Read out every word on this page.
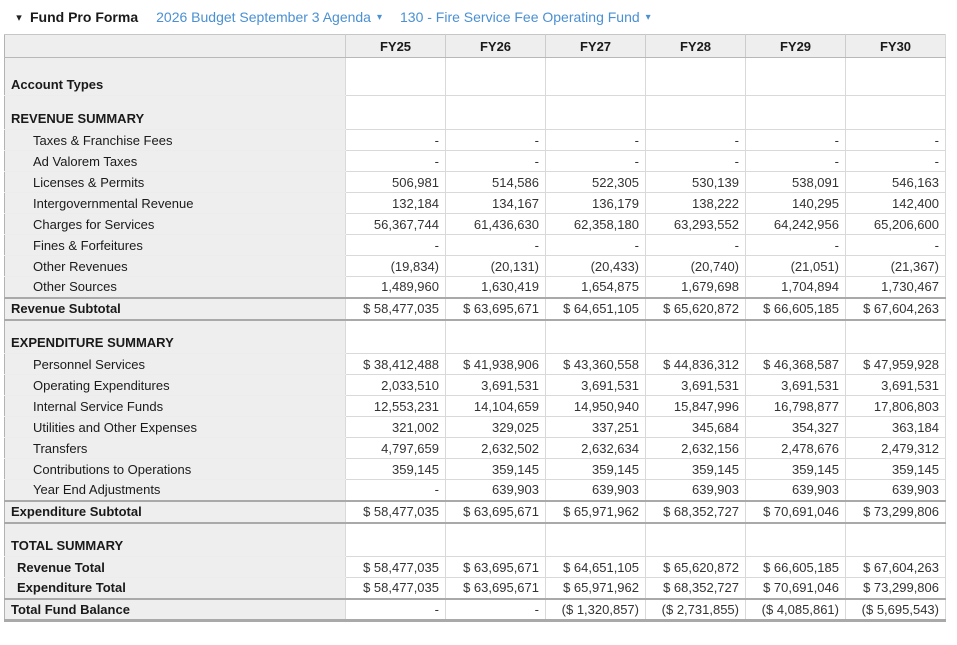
▾ Fund Pro Forma 2026 Budget September 3 Agenda ▾ 130 - Fire Service Fee Operating Fund ▾
	FY25	FY26	FY27	FY28	FY29	FY30
Account Types						
REVENUE SUMMARY						
Taxes & Franchise Fees	-	-	-	-	-	-
Ad Valorem Taxes	-	-	-	-	-	-
Licenses & Permits	506,981	514,586	522,305	530,139	538,091	546,163
Intergovernmental Revenue	132,184	134,167	136,179	138,222	140,295	142,400
Charges for Services	56,367,744	61,436,630	62,358,180	63,293,552	64,242,956	65,206,600
Fines & Forfeitures	-	-	-	-	-	-
Other Revenues	(19,834)	(20,131)	(20,433)	(20,740)	(21,051)	(21,367)
Other Sources	1,489,960	1,630,419	1,654,875	1,679,698	1,704,894	1,730,467
Revenue Subtotal	$ 58,477,035	$ 63,695,671	$ 64,651,105	$ 65,620,872	$ 66,605,185	$ 67,604,263
EXPENDITURE SUMMARY						
Personnel Services	$ 38,412,488	$ 41,938,906	$ 43,360,558	$ 44,836,312	$ 46,368,587	$ 47,959,928
Operating Expenditures	2,033,510	3,691,531	3,691,531	3,691,531	3,691,531	3,691,531
Internal Service Funds	12,553,231	14,104,659	14,950,940	15,847,996	16,798,877	17,806,803
Utilities and Other Expenses	321,002	329,025	337,251	345,684	354,327	363,184
Transfers	4,797,659	2,632,502	2,632,634	2,632,156	2,478,676	2,479,312
Contributions to Operations	359,145	359,145	359,145	359,145	359,145	359,145
Year End Adjustments	-	639,903	639,903	639,903	639,903	639,903
Expenditure Subtotal	$ 58,477,035	$ 63,695,671	$ 65,971,962	$ 68,352,727	$ 70,691,046	$ 73,299,806
TOTAL SUMMARY						
Revenue Total	$ 58,477,035	$ 63,695,671	$ 64,651,105	$ 65,620,872	$ 66,605,185	$ 67,604,263
Expenditure Total	$ 58,477,035	$ 63,695,671	$ 65,971,962	$ 68,352,727	$ 70,691,046	$ 73,299,806
Total Fund Balance	-	-	($ 1,320,857)	($ 2,731,855)	($ 4,085,861)	($ 5,695,543)
